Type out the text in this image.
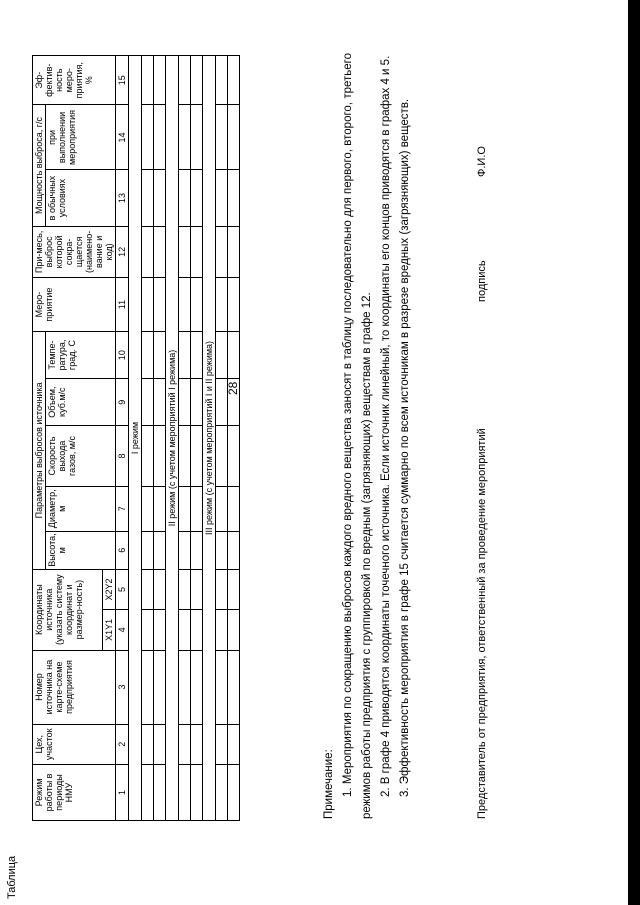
Таблица
28
Режим работы в периоды НМУ	Цех, участок	Номер источника на карте-схеме предприятия	Координаты источника (указать систему координат и размер-ность)		Параметры выбросов источника					Меро-приятие	При-месь, выброс которой сокра-щается (наимено-вание и код)	Мощность выброса, г/с		Эф-фектив-ность меро-приятия, %
					Высота, м	Диаметр, м	Скорость выхода газов, м/с	Объем, куб.м/с	Темпе-ратура, град. С			в обычных условиях	при выполнении мероприятия	
			X1Y1	X2Y2										
1	2	3	4	5	6	7	8	9	10	11	12	13	14	15
I режим														

II режим (с учетом мероприятий I режима)														

III режим (с учетом мероприятий I и II режима)														

Примечание: 1. Мероприятия по сокращению выбросов каждого вредного вещества заносят в таблицу последовательно для первого, второго, третьего режимов работы предприятия с группировкой по вредным (загрязняющих) веществам в графе 12. 2. В графе 4 приводятся координаты точечного источника. Если источник линейный, то координаты его концов приводятся в графах 4 и 5. 3. Эффективность мероприятия в графе 15 считается суммарно по всем источникам в разрезе вредных (загрязняющих) веществ.	Представитель от предприятия, ответственный за проведение мероприятий
подпись
Ф.И.О
